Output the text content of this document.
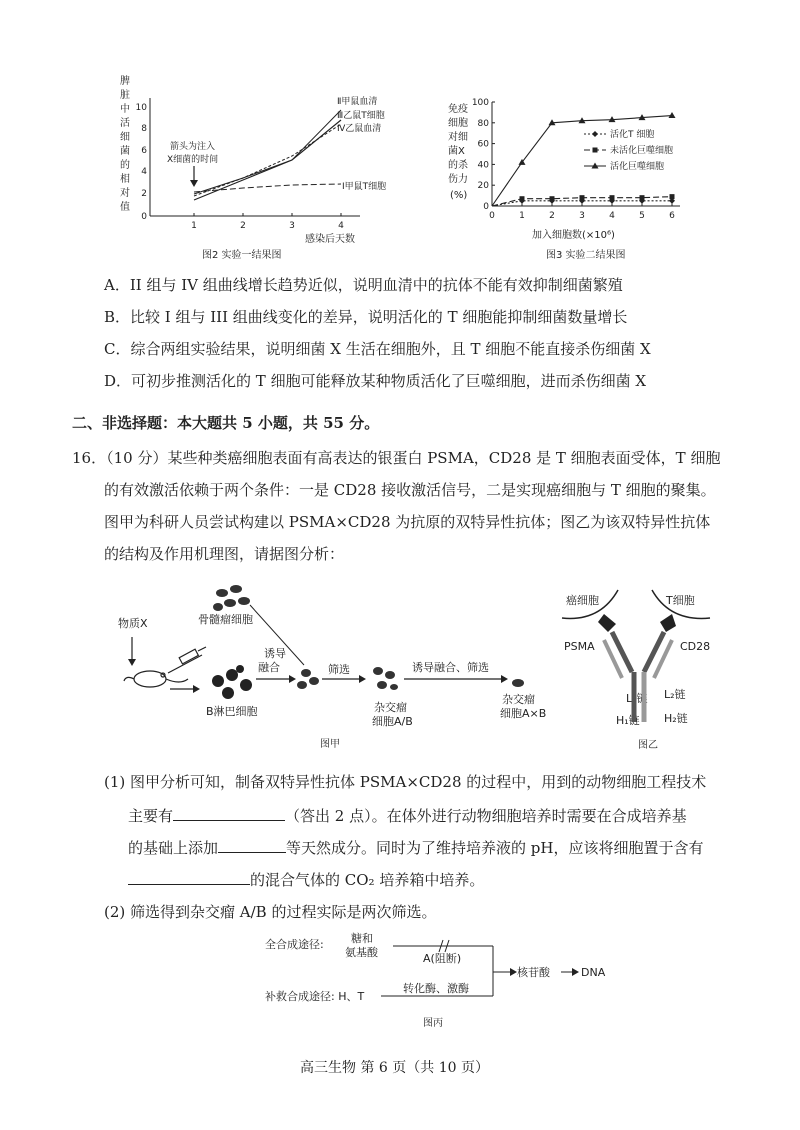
脾
脏
中
活
细
菌
的
相
对
值
10
8
6
4
2
0
1	2	3	4
感染后天数
箭头为注入
X细菌的时间
Ⅱ甲鼠血清
Ⅲ乙鼠T细胞
Ⅳ乙鼠血清
Ⅰ甲鼠T细胞
图2 实验一结果图
免疫
细胞
对细
菌X
的杀
伤力
(%)
100
80
60
40
20
0
0	1	2	3	4	5	6
活化T 细胞
未活化巨噬细胞
活化巨噬细胞
加入细胞数(×10⁶)
图3 实验二结果图
A．II 组与 IV 组曲线增长趋势近似，说明血清中的抗体不能有效抑制细菌繁殖
B．比较 I 组与 III 组曲线变化的差异，说明活化的 T 细胞能抑制细菌数量增长
C．综合两组实验结果，说明细菌 X 生活在细胞外，且 T 细胞不能直接杀伤细菌 X
D．可初步推测活化的 T 细胞可能释放某种物质活化了巨噬细胞，进而杀伤细菌 X
二、非选择题：本大题共 5 小题，共 55 分。
16．（10 分）某些种类癌细胞表面有高表达的银蛋白 PSMA，CD28 是 T 细胞表面受体，T 细胞
的有效激活依赖于两个条件：一是 CD28 接收激活信号，二是实现癌细胞与 T 细胞的聚集。
图甲为科研人员尝试构建以 PSMA×CD28 为抗原的双特异性抗体；图乙为该双特异性抗体
的结构及作用机理图，请据图分析：
物质X	骨髓瘤细胞
B淋巴细胞
诱导
融合	筛选	诱导融合、筛选
杂交瘤
细胞A/B
杂交瘤
细胞A×B
图甲
癌细胞	T细胞
PSMA	CD28
L₁链 L₂链
H₁链 H₂链
图乙
(1) 图甲分析可知，制备双特异性抗体 PSMA×CD28 的过程中，用到的动物细胞工程技术
主要有	（答出 2 点）。在体外进行动物细胞培养时需要在合成培养基
的基础上添加	等天然成分。同时为了维持培养液的 pH，应该将细胞置于含有
的混合气体的 CO₂ 培养箱中培养。
(2) 筛选得到杂交瘤 A/B 的过程实际是两次筛选。
全合成途径: 糖和
氨基酸	A(阻断)
补救合成途径: H、T
转化酶、激酶
核苷酸	DNA
图丙
高三生物 第 6 页（共 10 页）
